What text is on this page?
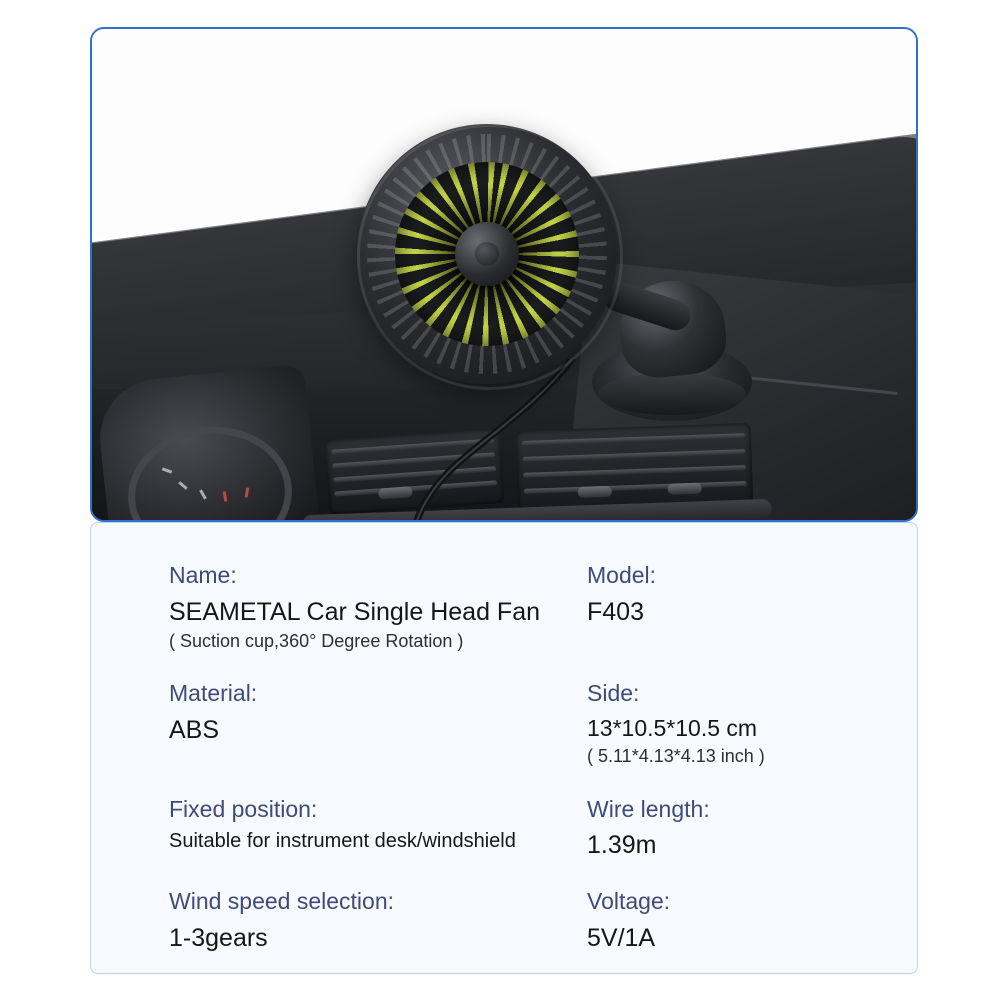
Name:

SEAMETAL Car Single Head Fan

( Suction cup,360° Degree Rotation )

Model:

F403

Material:

ABS

Side:

13*10.5*10.5 cm

( 5.11*4.13*4.13 inch )

Fixed position:

Suitable for instrument desk/windshield

Wire length:

1.39m

Wind speed selection:

1-3gears

Voltage:

5V/1A
